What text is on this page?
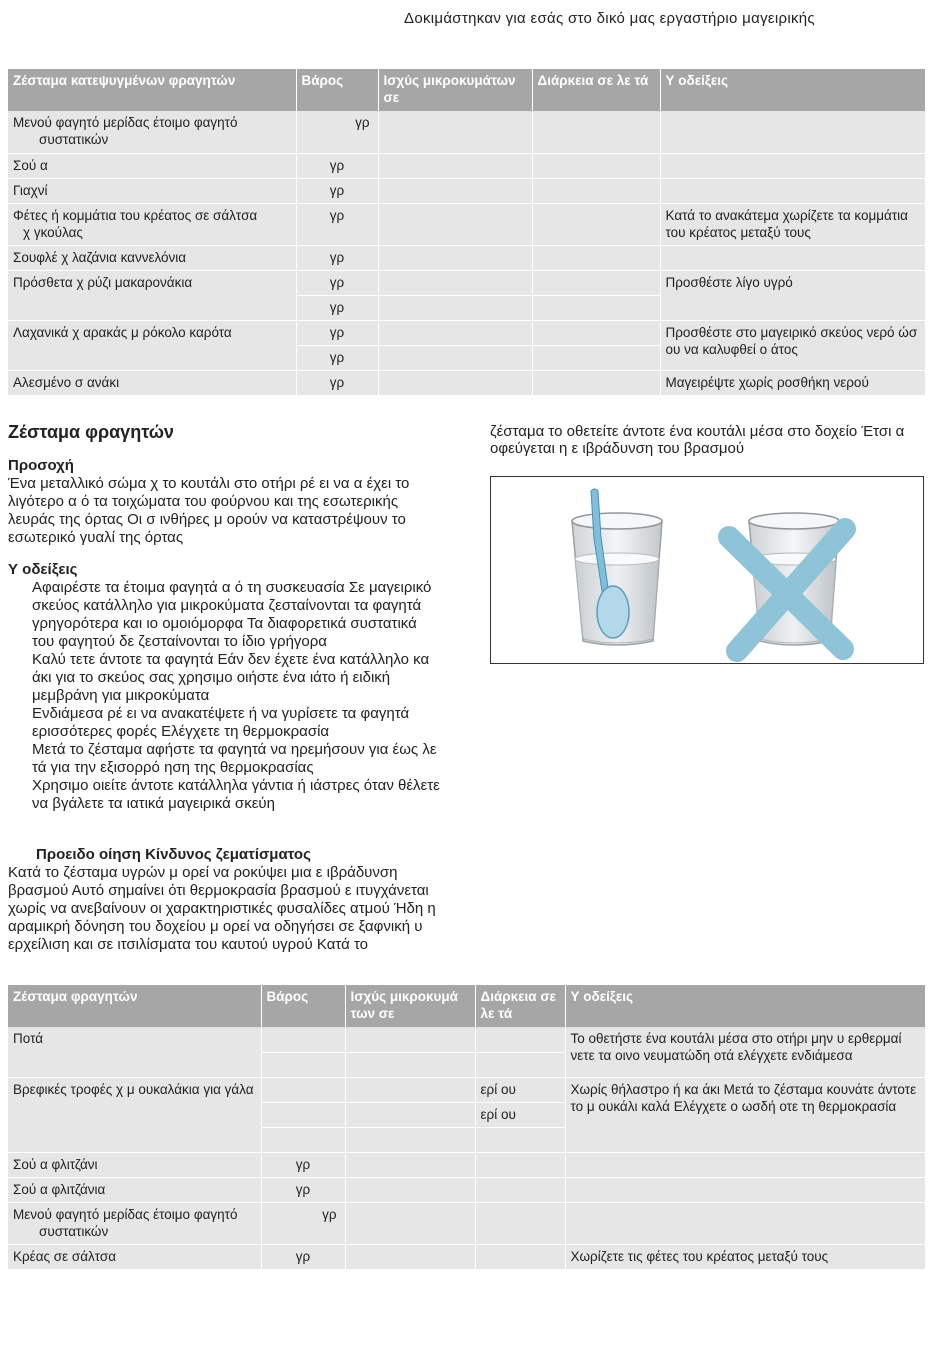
Δοκιμάστηκαν για εσάς στο δικό μας εργαστήριο μαγειρικής
Ζέσταμα κατεψυγμένων φραγητών	Βάρος	Ισχύς μικροκυμάτων σε	Διάρκεια σε λε τά	Υ οδείξεις

Μενού φαγητό μερίδας έτοιμο φαγητό
συστατικών	γρ			
Σού α	γρ			
Γιαχνί	γρ			

Φέτες ή κομμάτια του κρέατος σε σάλτσα
χ γκούλας	γρ			Κατά το ανακάτεμα χωρίζετε τα κομμάτια του κρέατος μεταξύ τους
Σουφλέ χ λαζάνια καννελόνια	γρ			
Πρόσθετα χ ρύζι μακαρονάκια	γρ			Προσθέστε λίγο υγρό
	γρ			
Λαχανικά χ αρακάς μ ρόκολο καρότα	γρ			Προσθέστε στο μαγειρικό σκεύος νερό ώσ ου να καλυφθεί ο άτος
	γρ			
Αλεσμένο σ ανάκι	γρ			Μαγειρέψτε χωρίς ροσθήκη νερού
Ζέσταμα φραγητών
Προσοχή
Ένα μεταλλικό σώμα χ το κουτάλι στο οτήρι ρέ ει να α έχει το λιγότερο α ό τα τοιχώματα του φούρνου και της εσωτερικής λευράς της όρτας Οι σ ινθήρες μ ορούν να καταστρέψουν το εσωτερικό γυαλί της όρτας
Υ οδείξεις
Αφαιρέστε τα έτοιμα φαγητά α ό τη συσκευασία Σε μαγειρικό σκεύος κατάλληλο για μικροκύματα ζεσταίνονται τα φαγητά γρηγορότερα και ιο ομοιόμορφα Τα διαφορετικά συστατικά του φαγητού δε ζεσταίνονται το ίδιο γρήγορα
Καλύ τετε άντοτε τα φαγητά Εάν δεν έχετε ένα κατάλληλο κα άκι για το σκεύος σας χρησιμο οιήστε ένα ιάτο ή ειδική μεμβράνη για μικροκύματα
Ενδιάμεσα ρέ ει να ανακατέψετε ή να γυρίσετε τα φαγητά ερισσότερες φορές Ελέγχετε τη θερμοκρασία
Μετά το ζέσταμα αφήστε τα φαγητά να ηρεμήσουν για έως λε τά για την εξισορρό ηση της θερμοκρασίας
Χρησιμο οιείτε άντοτε κατάλληλα γάντια ή ιάστρες όταν θέλετε να βγάλετε τα ιατικά μαγειρικά σκεύη
Προειδο οίηση Κίνδυνος ζεματίσματος
Κατά το ζέσταμα υγρών μ ορεί να ροκύψει μια ε ιβράδυνση βρασμού Αυτό σημαίνει ότι θερμοκρασία βρασμού ε ιτυγχάνεται χωρίς να ανεβαίνουν οι χαρακτηριστικές φυσαλίδες ατμού Ήδη η αραμικρή δόνηση του δοχείου μ ορεί να οδηγήσει σε ξαφνική υ ερχείλιση και σε ιτσιλίσματα του καυτού υγρού Κατά το
ζέσταμα το οθετείτε άντοτε ένα κουτάλι μέσα στο δοχείο Έτσι α οφεύγεται η ε ιβράδυνση του βρασμού
Ζέσταμα φραγητών	Βάρος	Ισχύς μικροκυμά των σε	Διάρκεια σε λε τά	Υ οδείξεις
Ποτά				Το οθετήστε ένα κουτάλι μέσα στο οτήρι μην υ ερθερμαί νετε τα οινο νευματώδη οτά ελέγχετε ενδιάμεσα

Βρεφικές τροφές χ μ ουκαλάκια για γάλα			ερί ου	Χωρίς θήλαστρο ή κα άκι Μετά το ζέσταμα κουνάτε άντοτε το μ ουκάλι καλά Ελέγχετε ο ωσδή οτε τη θερμοκρασία
			ερί ου	

Σού α φλιτζάνι	γρ			
Σού α φλιτζάνια	γρ			

Μενού φαγητό μερίδας έτοιμο φαγητό
συστατικών	γρ			
Κρέας σε σάλτσα	γρ			Χωρίζετε τις φέτες του κρέατος μεταξύ τους
